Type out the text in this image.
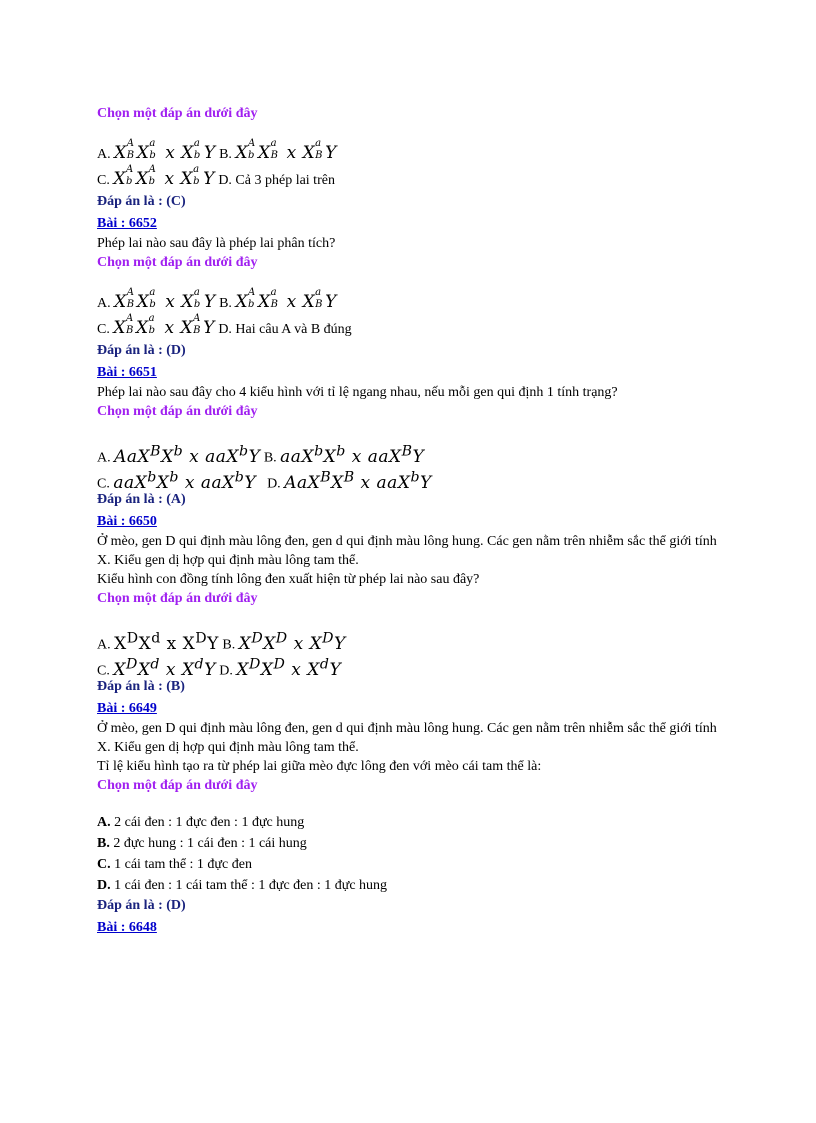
Chọn một đáp án dưới đây
A. X A
B X a
b x X a
b Y B. X A
b X a
B x X a
B Y
C. X A
b X A
b x X a
b Y D. Cả 3 phép lai trên
Đáp án là : (C)
Bài : 6652
Phép lai nào sau đây là phép lai phân tích?
Chọn một đáp án dưới đây
A. X A
B X a
b x X a
b Y B. X A
b X a
B x X a
B Y
C. X A
B X a
b x X A
B Y D. Hai câu A và B đúng
Đáp án là : (D)
Bài : 6651
Phép lai nào sau đây cho 4 kiểu hình với tỉ lệ ngang nhau, nếu mỗi gen qui định 1 tính trạng?
Chọn một đáp án dưới đây
A. $AaX^BX^b$ x aaX$^b$Y B. $aaX^bX^b$ x aaX$^B$Y
C. $aaX^bX^b$ x aaX$^b$Y D. $AaX^BX^B$ x aaX$^b$Y
Đáp án là : (A)
Bài : 6650
Ở mèo, gen D qui định màu lông đen, gen d qui định màu lông hung. Các gen nằm trên nhiễm sắc thể giới tính X. Kiểu gen dị hợp qui định màu lông tam thể.
Kiểu hình con đồng tính lông đen xuất hiện từ phép lai nào sau đây?
Chọn một đáp án dưới đây
A. $X^DX^d$ x $X^DY$ B. $X^DX^D$ x $X^DY$
C. $X^DX^d$ x $X^dY$ D. $X^DX^D$ x $X^dY$
Đáp án là : (B)
Bài : 6649
Ở mèo, gen D qui định màu lông đen, gen d qui định màu lông hung. Các gen nằm trên nhiễm sắc thể giới tính X. Kiểu gen dị hợp qui định màu lông tam thể.
Tỉ lệ kiểu hình tạo ra từ phép lai giữa mèo đực lông đen với mèo cái tam thể là:
Chọn một đáp án dưới đây
A. 2 cái đen : 1 đực đen : 1 đực hung
B. 2 đực hung : 1 cái đen : 1 cái hung
C. 1 cái tam thể : 1 đực đen
D. 1 cái đen : 1 cái tam thể : 1 đực đen : 1 đực hung
Đáp án là : (D)
Bài : 6648
